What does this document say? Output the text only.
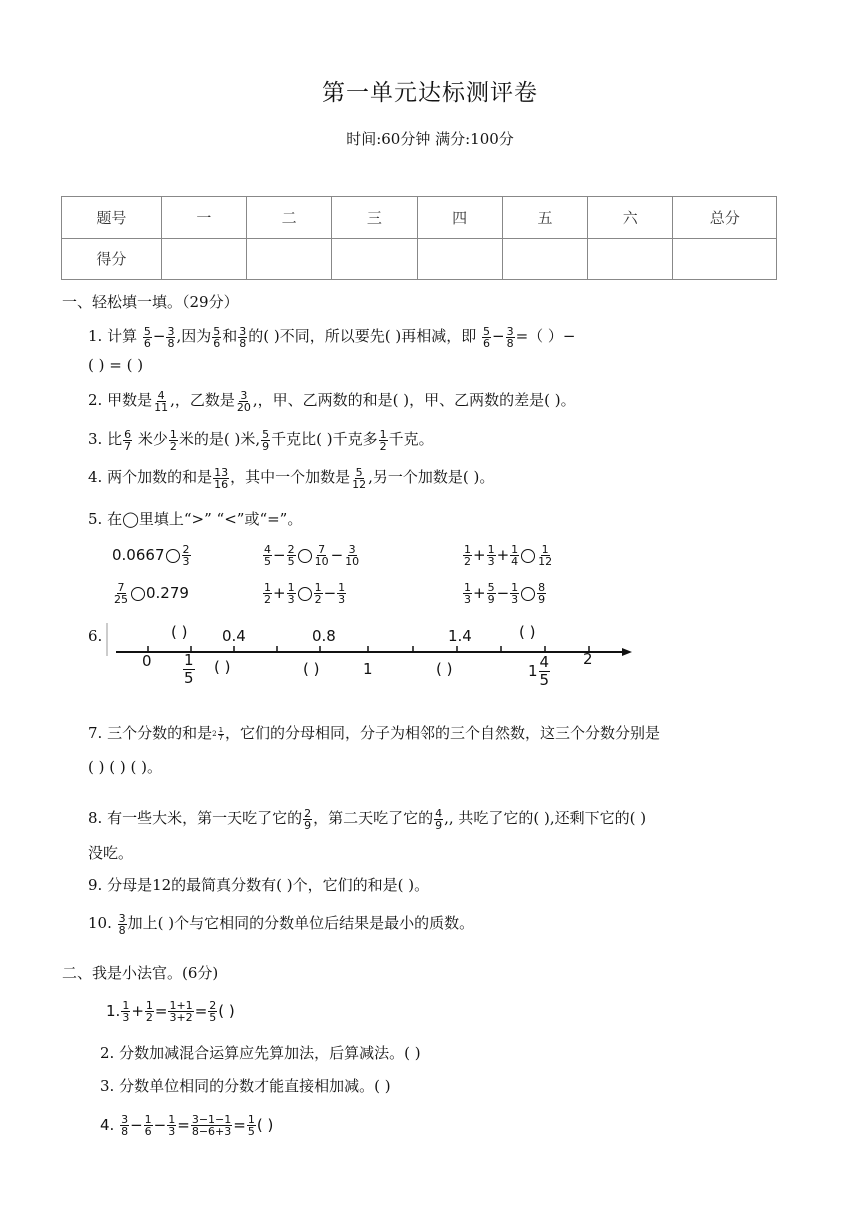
第一单元达标测评卷
时间:60分钟 满分:100分
题号	一	二	三	四	五	六	总分
得分							
一、轻松填一填。（29分）
1. 计算 $\frac{5}{6} - \frac{3}{8}$ ,因为 $\frac{5}{6}$ 和 $\frac{3}{8}$ 的( )不同，所以要先( )再相减，即 $\frac{5}{6} - \frac{3}{8}$ =（ ）−
( ) = ( )
2. 甲数是 $\frac{4}{11}$ ,，乙数是 $\frac{3}{20}$ ,，甲、乙两数的和是( )，甲、乙两数的差是( )。
3. 比 $\frac{6}{7}$ 米少 $\frac{1}{2}$ 米的是( )米, $\frac{5}{9}$ 千克比( )千克多 $\frac{1}{2}$ 千克。
4. 两个加数的和是 $\frac{13}{16}$ ，其中一个加数是 $\frac{5}{12}$ ,另一个加数是( )。
5. 在◯里填上“>” “<”或“=”。
$0.0667 \frac{2}{3}$	$\frac{4}{5} - \frac{2}{5} \frac{7}{10} - \frac{3}{10}$	$\frac{1}{2} + \frac{1}{3} + \frac{1}{4} \frac{1}{12}$
$\frac{7}{25} 0.279$	$\frac{1}{2} + \frac{1}{3} \frac{1}{2} - \frac{1}{3}$	$\frac{1}{3} + \frac{5}{9} - \frac{1}{3} \frac{8}{9}$
6.	( ) 0.4	0.8	1.4	( )
$0 \frac{1}{5}$ ( )	( )	1	( )	$1 \frac{4}{5} 2$
7. 三个分数的和是$2 \frac{1}{7}$ ，它们的分母相同，分子为相邻的三个自然数，这三个分数分别是
( ) ( ) ( )。
8. 有一些大米，第一天吃了它的 $\frac{2}{9}$ ，第二天吃了它的 $\frac{4}{9}$ ,, 共吃了它的( ),还剩下它的( )
没吃。
9. 分母是12的最简真分数有( )个，它们的和是( )。
10. $\frac{3}{8}$ 加上( )个与它相同的分数单位后结果是最小的质数。
二、我是小法官。(6分)
1. $\frac{1}{3} + \frac{1}{2} = \frac{1+1}{3+2} = \frac{2}{5}$ ( )
2. 分数加减混合运算应先算加法，后算减法。( )
3. 分数单位相同的分数才能直接相加减。( )
4. $\frac{3}{8} - \frac{1}{6} - \frac{1}{3} = \frac{3-1-1}{8-6+3} = \frac{1}{5}$ ( )
